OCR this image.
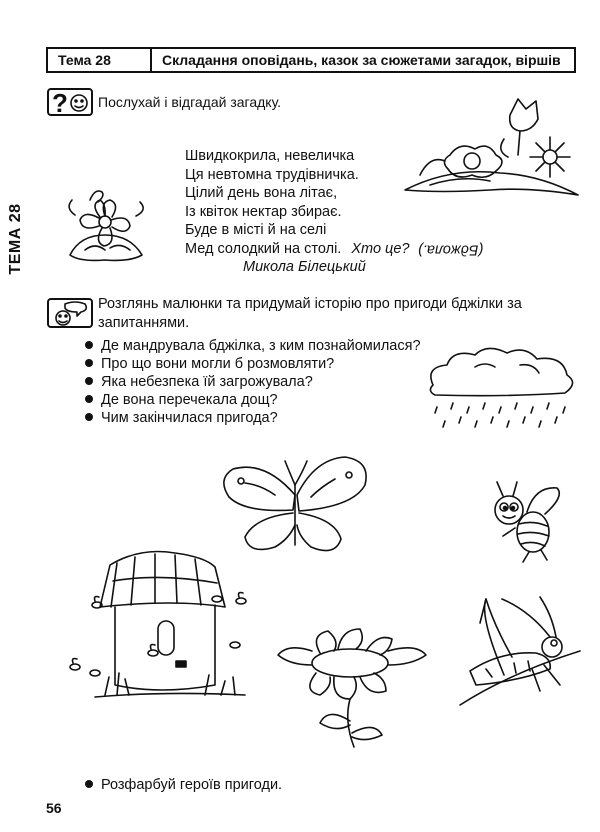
Тема 28	Складання оповідань, казок за сюжетами загадок, віршів
ТЕМА 28
? Послухай і відгадай загадку.
Швидкокрила, невеличка
Ця невтомна трудівничка.
Цілий день вона літає,
Із квіток нектар збирає.
Буде в місті й на селі
Мед солодкий на столі. Хто це? (Бджола.)
Микола Білецький
Розглянь малюнки та придумай історію про пригоди бджілки за запитаннями.
Де мандрувала бджілка, з ким познайомилася?
Про що вони могли б розмовляти?
Яка небезпека їй загрожувала?
Де вона перечекала дощ?
Чим закінчилася пригода?
Розфарбуй героїв пригоди.
56
